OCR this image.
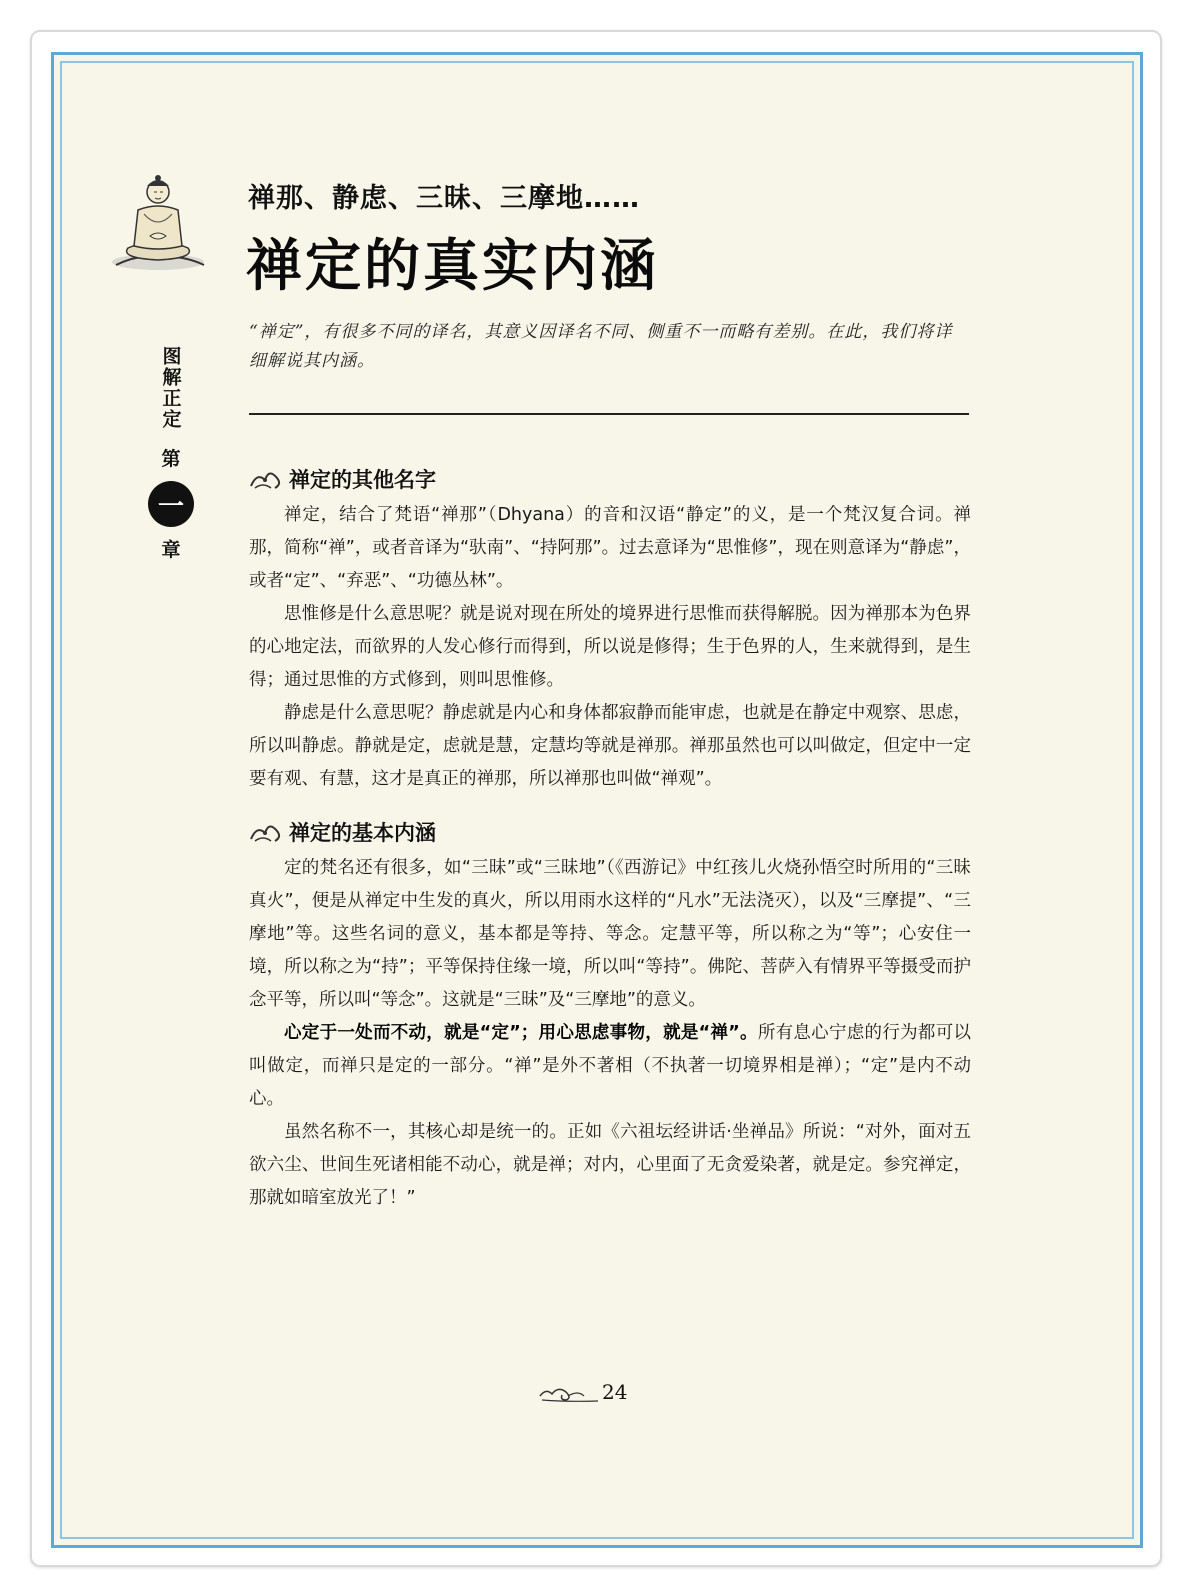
禅那、静虑、三昧、三摩地……
禅定的真实内涵
图解正定
第
一
章
“禅定”，有很多不同的译名，其意义因译名不同、侧重不一而略有差别。在此，我们将详细解说其内涵。
禅定的其他名字

禅定，结合了梵语“禅那”（Dhyana）的音和汉语“静定”的义，是一个梵汉复合词。禅那，简称“禅”，或者音译为“驮南”、“持阿那”。过去意译为“思惟修”，现在则意译为“静虑”，或者“定”、“弃恶”、“功德丛林”。

思惟修是什么意思呢？就是说对现在所处的境界进行思惟而获得解脱。因为禅那本为色界的心地定法，而欲界的人发心修行而得到，所以说是修得；生于色界的人，生来就得到，是生得；通过思惟的方式修到，则叫思惟修。

静虑是什么意思呢？静虑就是内心和身体都寂静而能审虑，也就是在静定中观察、思虑，所以叫静虑。静就是定，虑就是慧，定慧均等就是禅那。禅那虽然也可以叫做定，但定中一定要有观、有慧，这才是真正的禅那，所以禅那也叫做“禅观”。

禅定的基本内涵

定的梵名还有很多，如“三昧”或“三昧地”（《西游记》中红孩儿火烧孙悟空时所用的“三昧真火”，便是从禅定中生发的真火，所以用雨水这样的“凡水”无法浇灭），以及“三摩提”、“三摩地”等。这些名词的意义，基本都是等持、等念。定慧平等，所以称之为“等”；心安住一境，所以称之为“持”；平等保持住缘一境，所以叫“等持”。佛陀、菩萨入有情界平等摄受而护念平等，所以叫“等念”。这就是“三昧”及“三摩地”的意义。

心定于一处而不动，就是“定”；用心思虑事物，就是“禅”。所有息心宁虑的行为都可以叫做定，而禅只是定的一部分。“禅”是外不著相（不执著一切境界相是禅）；“定”是内不动心。

虽然名称不一，其核心却是统一的。正如《六祖坛经讲话·坐禅品》所说：“对外，面对五欲六尘、世间生死诸相能不动心，就是禅；对内，心里面了无贪爱染著，就是定。参究禅定，那就如暗室放光了！”

24
